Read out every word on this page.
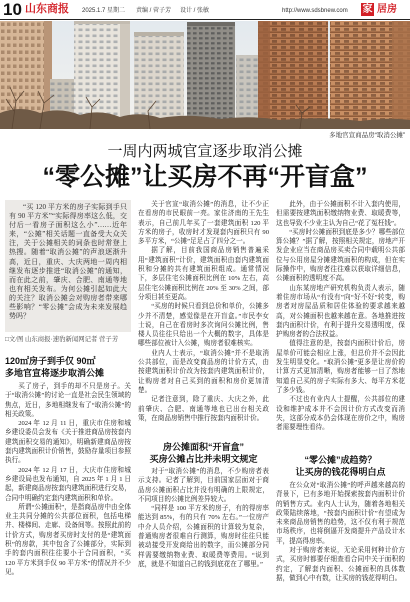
10 山东商报 2025.1.7 星期二 责编 / 菅子芳 设计 / 张敏	http://www.sdsbnew.com 家 居房
多地官宣商品房“取消公摊”
一周内两城官宣逐步取消公摊
“零公摊”让买房不再“开盲盒”

“买 120 平方米的房子实际到手只有 90 平方米”“实际得房率这么低，交付后一看房子面积这么小”……近年来，“公摊”相关话题一直备受大众关注，关于公摊相关的词条也时常登上热搜。随着“取消公摊”的声浪逐渐升高，近日，重庆、大庆两地一周内相继发布逐步推进“取消公摊”的通知，而在此之前，肇庆、合肥、南通等地也有相关发布。为何公摊引起如此大的关注？取消公摊会对购房者带来哪些影响？“零公摊”会成为未来发展趋势吗？

□文/图 山东商报·速豹新闻网记者 菅子芳
120㎡房子到手仅 90㎡
多地官宣将逐步取消公摊

买了房子，到手的却不只是房子。关于“取消公摊”的讨论一直是社会民生领域的焦点，近日，多地相继发布了“取消公摊”的相关政策。

2024 年 12 月 11 日，重庆市住房和城乡建设委员会发布《关于推进商品房按套内建筑面积交易的通知》，明确新建商品房按套内建筑面积计价销售，鼓励存量项目参照执行。

2024 年 12 月 17 日，大庆市住房和城乡建设局也发布通知，自 2025 年 1 月 1 日起，新建商品房按套内建筑面积进行交易，合同中明确约定套内建筑面积和单价。

所谓“公摊面积”，是指商品房中由全体业主共同分摊的公共部位面积，包括电梯井、楼梯间、走廊、设备间等。按照此前的计价方式，购房者买房时支付的是“建筑面积”的房款，其中包含了公摊部分，实际到手的套内面积往往要小于合同面积，“买 120 平方米到手仅 90 平方米”的情况并不少见。

关于官宣“取消公摊”的消息，让不少正在看房的市民眼前一亮。家住济南的王先生表示，自己前几年买了一套建筑面积 120 平方米的房子，收房时才发现套内面积只有 90 多平方米，“公摊”足足占了四分之一。

据了解，目前我国商品房销售普遍采用“建筑面积”计价，建筑面积由套内建筑面积和分摊的共有建筑面积组成。通常情况下，多层住宅公摊面积比例在 10% 左右，高层住宅公摊面积比例在 20% 至 30% 之间，部分项目甚至更高。

“买房的时候只看到总价和单价，公摊多少并不清楚，感觉像是在开盲盒。”市民李女士说，自己在看房时多次询问公摊比例，售楼人员往往只给出一个大概的数字，具体是哪些部位被计入公摊，购房者很难核实。

业内人士表示，“取消公摊”并不是取消公共部位，而是改变商品房的计价方式，由按建筑面积计价改为按套内建筑面积计价，让购房者对自己买到的面积和房价更加清楚。

记者注意到，除了重庆、大庆之外，此前肇庆、合肥、南通等地也已出台相关政策，在商品房销售中推行按套内面积计价。

房公摊面积“开盲盒”
买房公摊占比并未明文规定

对于“取消公摊”的消息，不少购房者表示支持。记者了解到，目前国家层面对于商品房公摊面积占比并没有明确的上限规定，不同项目的公摊比例差异较大。

“同样是 100 平方米的房子，有的得房率能达到 85%，有的只有 70% 左右。”一位房产中介人员介绍，公摊面积的计算较为复杂，普通购房者很难自行测算，购房时往往只能被动接受开发商给出的数字，而公摊部分同样需要缴纳物业费、取暖费等费用。“说到底，就是不知道自己的钱到底花在了哪里。”

此外，由于公摊面积不计入套内使用，但需要按建筑面积缴纳物业费、取暖费等，这也导致不少业主认为自己“花了冤枉钱”。

“买房时公摊面积到底是多少？哪些部位算公摊？”据了解，按照相关规定，房地产开发企业应当在商品房买卖合同中载明公共部位与公用房屋分摊建筑面积的构成，但在实际操作中，购房者往往难以获取详细信息，公摊面积的透明度不高。

山东某房地产研究机构负责人表示，随着住房市场从“有没有”向“好不好”转变，购房者对房屋品质和居住体验的要求越来越高，对公摊面积也越来越在意。各地推进按套内面积计价，有利于提升交易透明度，保护购房者的合法权益。

值得注意的是，按套内面积计价后，房屋单价可能会相应上涨，但总价并不会因此发生明显变化。“取消公摊”更多是让房价的计算方式更加清晰，购房者能够一目了然地知道自己买的房子实际有多大、每平方米花了多少钱。

不过也有业内人士提醒，公共部位的建设和维护成本并不会因计价方式改变而消失，这部分成本仍会体现在房价之中，购房者需要理性看待。

“零公摊”成趋势？
让买房的钱花得明白点

在公众对“取消公摊”的呼声越来越高的背景下，已有多地开始探索按套内面积计价的销售方式。业内人士认为，随着各地相关政策陆续落地，“按套内面积计价”有望成为未来商品房销售的趋势，这不仅有利于规范市场秩序，也将倒逼开发商提升产品设计水平，提高得房率。

对于购房者来说，无论采用何种计价方式，买房时都要仔细查看合同中关于面积的约定，了解套内面积、公摊面积的具体数据，做到心中有数，让买房的钱花得明白。
